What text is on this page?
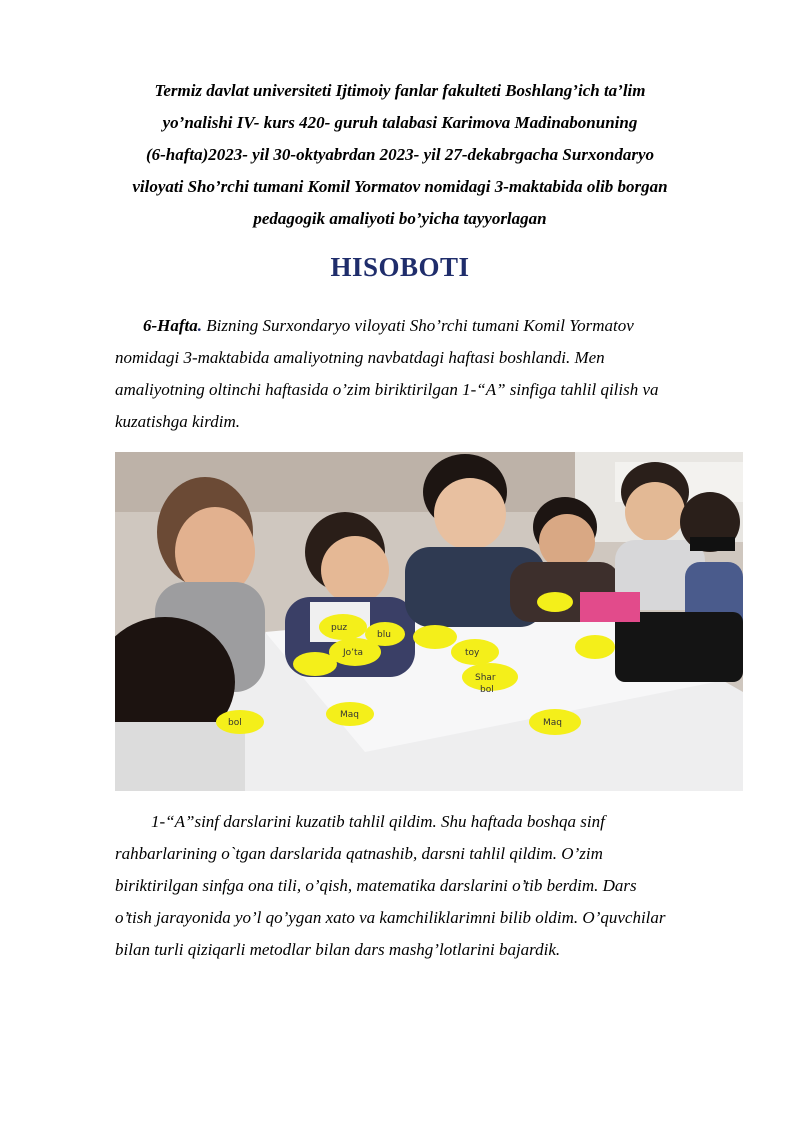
Termiz davlat universiteti Ijtimoiy fanlar fakulteti Boshlang’ich ta’lim
yo’nalishi IV- kurs 420- guruh talabasi Karimova Madinabonuning
(6-hafta)2023- yil 30-oktyabrdan 2023- yil 27-dekabrgacha Surxondaryo
viloyati Sho’rchi tumani Komil Yormatov nomidagi 3-maktabida olib borgan
pedagogik amaliyoti bo’yicha tayyorlagan
HISOBOTI
6-Hafta. Bizning Surxondaryo viloyati Sho’rchi tumani Komil Yormatov
nomidagi 3-maktabida amaliyotning navbatdagi haftasi boshlandi. Men
amaliyotning oltinchi haftasida o’zim biriktirilgan 1-“A” sinfiga tahlil qilish va
kuzatishga kirdim.
puz
Jo’ta
blu
toy
Shar
bol
Maq
Maq
bol
1-“A”sinf darslarini kuzatib tahlil qildim. Shu haftada boshqa sinf
rahbarlarining o`tgan darslarida qatnashib, darsni tahlil qildim. O’zim
biriktirilgan sinfga ona tili, o’qish, matematika darslarini o’tib berdim. Dars
o’tish jarayonida yo’l qo’ygan xato va kamchiliklarimni bilib oldim. O’quvchilar
bilan turli qiziqarli metodlar bilan dars mashg’lotlarini bajardik.
